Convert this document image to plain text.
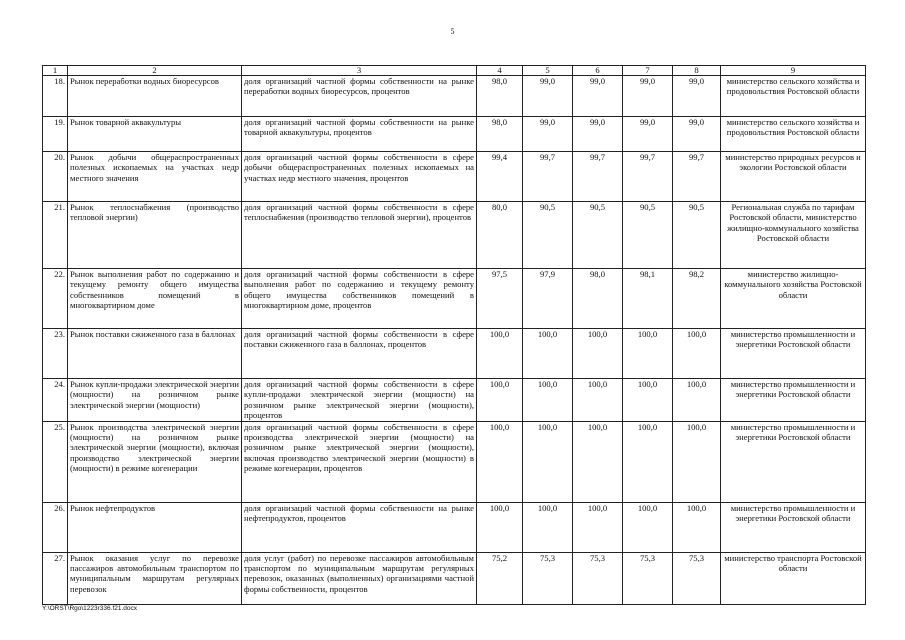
5
1	2	3	4	5	6	7	8	9
18.	Рынок переработки водных биоресурсов	доля организаций частной формы собственности на рынке переработки водных биоресурсов, процентов	98,0	99,0	99,0	99,0	99,0	министерство сельского хозяйства и продовольствия Ростовской области
19.	Рынок товарной аквакультуры	доля организаций частной формы собственности на рынке товарной аквакультуры, процентов	98,0	99,0	99,0	99,0	99,0	министерство сельского хозяйства и продовольствия Ростовской области
20.	Рынок добычи общераспространенных полезных ископаемых на участках недр местного значения	доля организаций частной формы собственности в сфере добычи общераспространенных полезных ископаемых на участках недр местного значения, процентов	99,4	99,7	99,7	99,7	99,7	министерство природных ресурсов и экологии Ростовской области
21.	Рынок теплоснабжения (производство тепловой энергии)	доля организаций частной формы собственности в сфере теплоснабжения (производство тепловой энергии), процентов	80,0	90,5	90,5	90,5	90,5	Региональная служба по тарифам Ростовской области, министерство жилищно-коммунального хозяйства Ростовской области
22.	Рынок выполнения работ по содержанию и текущему ремонту общего имущества собственников помещений в многоквартирном доме	доля организаций частной формы собственности в сфере выполнения работ по содержанию и текущему ремонту общего имущества собственников помещений в многоквартирном доме, процентов	97,5	97,9	98,0	98,1	98,2	министерство жилищно-коммунального хозяйства Ростовской области
23.	Рынок поставки сжиженного газа в баллонах	доля организаций частной формы собственности в сфере поставки сжиженного газа в баллонах, процентов	100,0	100,0	100,0	100,0	100,0	министерство промышленности и энергетики Ростовской области
24.	Рынок купли-продажи электрической энергии (мощности) на розничном рынке электрической энергии (мощности)	доля организаций частной формы собственности в сфере купли-продажи электрической энергии (мощности) на розничном рынке электрической энергии (мощности), процентов	100,0	100,0	100,0	100,0	100,0	министерство промышленности и энергетики Ростовской области
25.	Рынок производства электрической энергии (мощности) на розничном рынке электрической энергии (мощности), включая производство электрической энергии (мощности) в режиме когенерации	доля организаций частной формы собственности в сфере производства электрической энергии (мощности) на розничном рынке электрической энергии (мощности), включая производство электрической энергии (мощности) в режиме когенерации, процентов	100,0	100,0	100,0	100,0	100,0	министерство промышленности и энергетики Ростовской области
26.	Рынок нефтепродуктов	доля организаций частной формы собственности на рынке нефтепродуктов, процентов	100,0	100,0	100,0	100,0	100,0	министерство промышленности и энергетики Ростовской области
27.	Рынок оказания услуг по перевозке пассажиров автомобильным транспортом по муниципальным маршрутам регулярных перевозок	доля услуг (работ) по перевозке пассажиров автомобильным транспортом по муниципальным маршрутам регулярных перевозок, оказанных (выполненных) организациями частной формы собственности, процентов	75,2	75,3	75,3	75,3	75,3	министерство транспорта Ростовской области
Y:\ORST\Rgo\1223r336.f21.docx
